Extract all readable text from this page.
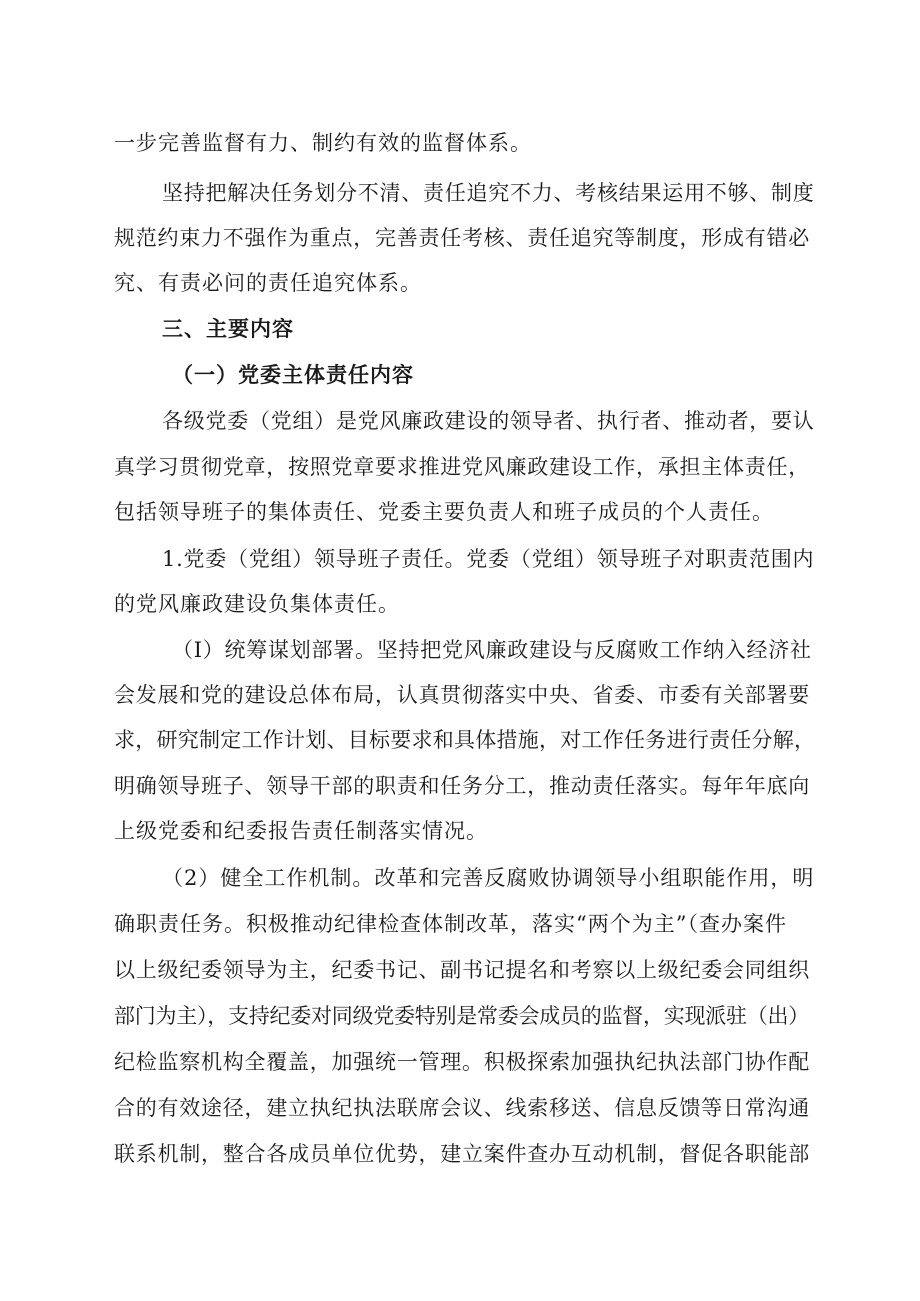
一步完善监督有力、制约有效的监督体系。
坚持把解决任务划分不清、责任追究不力、考核结果运用不够、制度
规范约束力不强作为重点，完善责任考核、责任追究等制度，形成有错必
究、有责必问的责任追究体系。
三、主要内容
（一）党委主体责任内容
各级党委（党组）是党风廉政建设的领导者、执行者、推动者，要认
真学习贯彻党章，按照党章要求推进党风廉政建设工作，承担主体责任，
包括领导班子的集体责任、党委主要负责人和班子成员的个人责任。
1.党委（党组）领导班子责任。党委（党组）领导班子对职责范围内
的党风廉政建设负集体责任。
（I）统筹谋划部署。坚持把党风廉政建设与反腐败工作纳入经济社
会发展和党的建设总体布局，认真贯彻落实中央、省委、市委有关部署要
求，研究制定工作计划、目标要求和具体措施，对工作任务进行责任分解，
明确领导班子、领导干部的职责和任务分工，推动责任落实。每年年底向
上级党委和纪委报告责任制落实情况。
（2）健全工作机制。改革和完善反腐败协调领导小组职能作用，明
确职责任务。积极推动纪律检查体制改革，落实“两个为主”（查办案件
以上级纪委领导为主，纪委书记、副书记提名和考察以上级纪委会同组织
部门为主），支持纪委对同级党委特别是常委会成员的监督，实现派驻（出）
纪检监察机构全覆盖，加强统一管理。积极探索加强执纪执法部门协作配
合的有效途径，建立执纪执法联席会议、线索移送、信息反馈等日常沟通
联系机制，整合各成员单位优势，建立案件查办互动机制，督促各职能部
